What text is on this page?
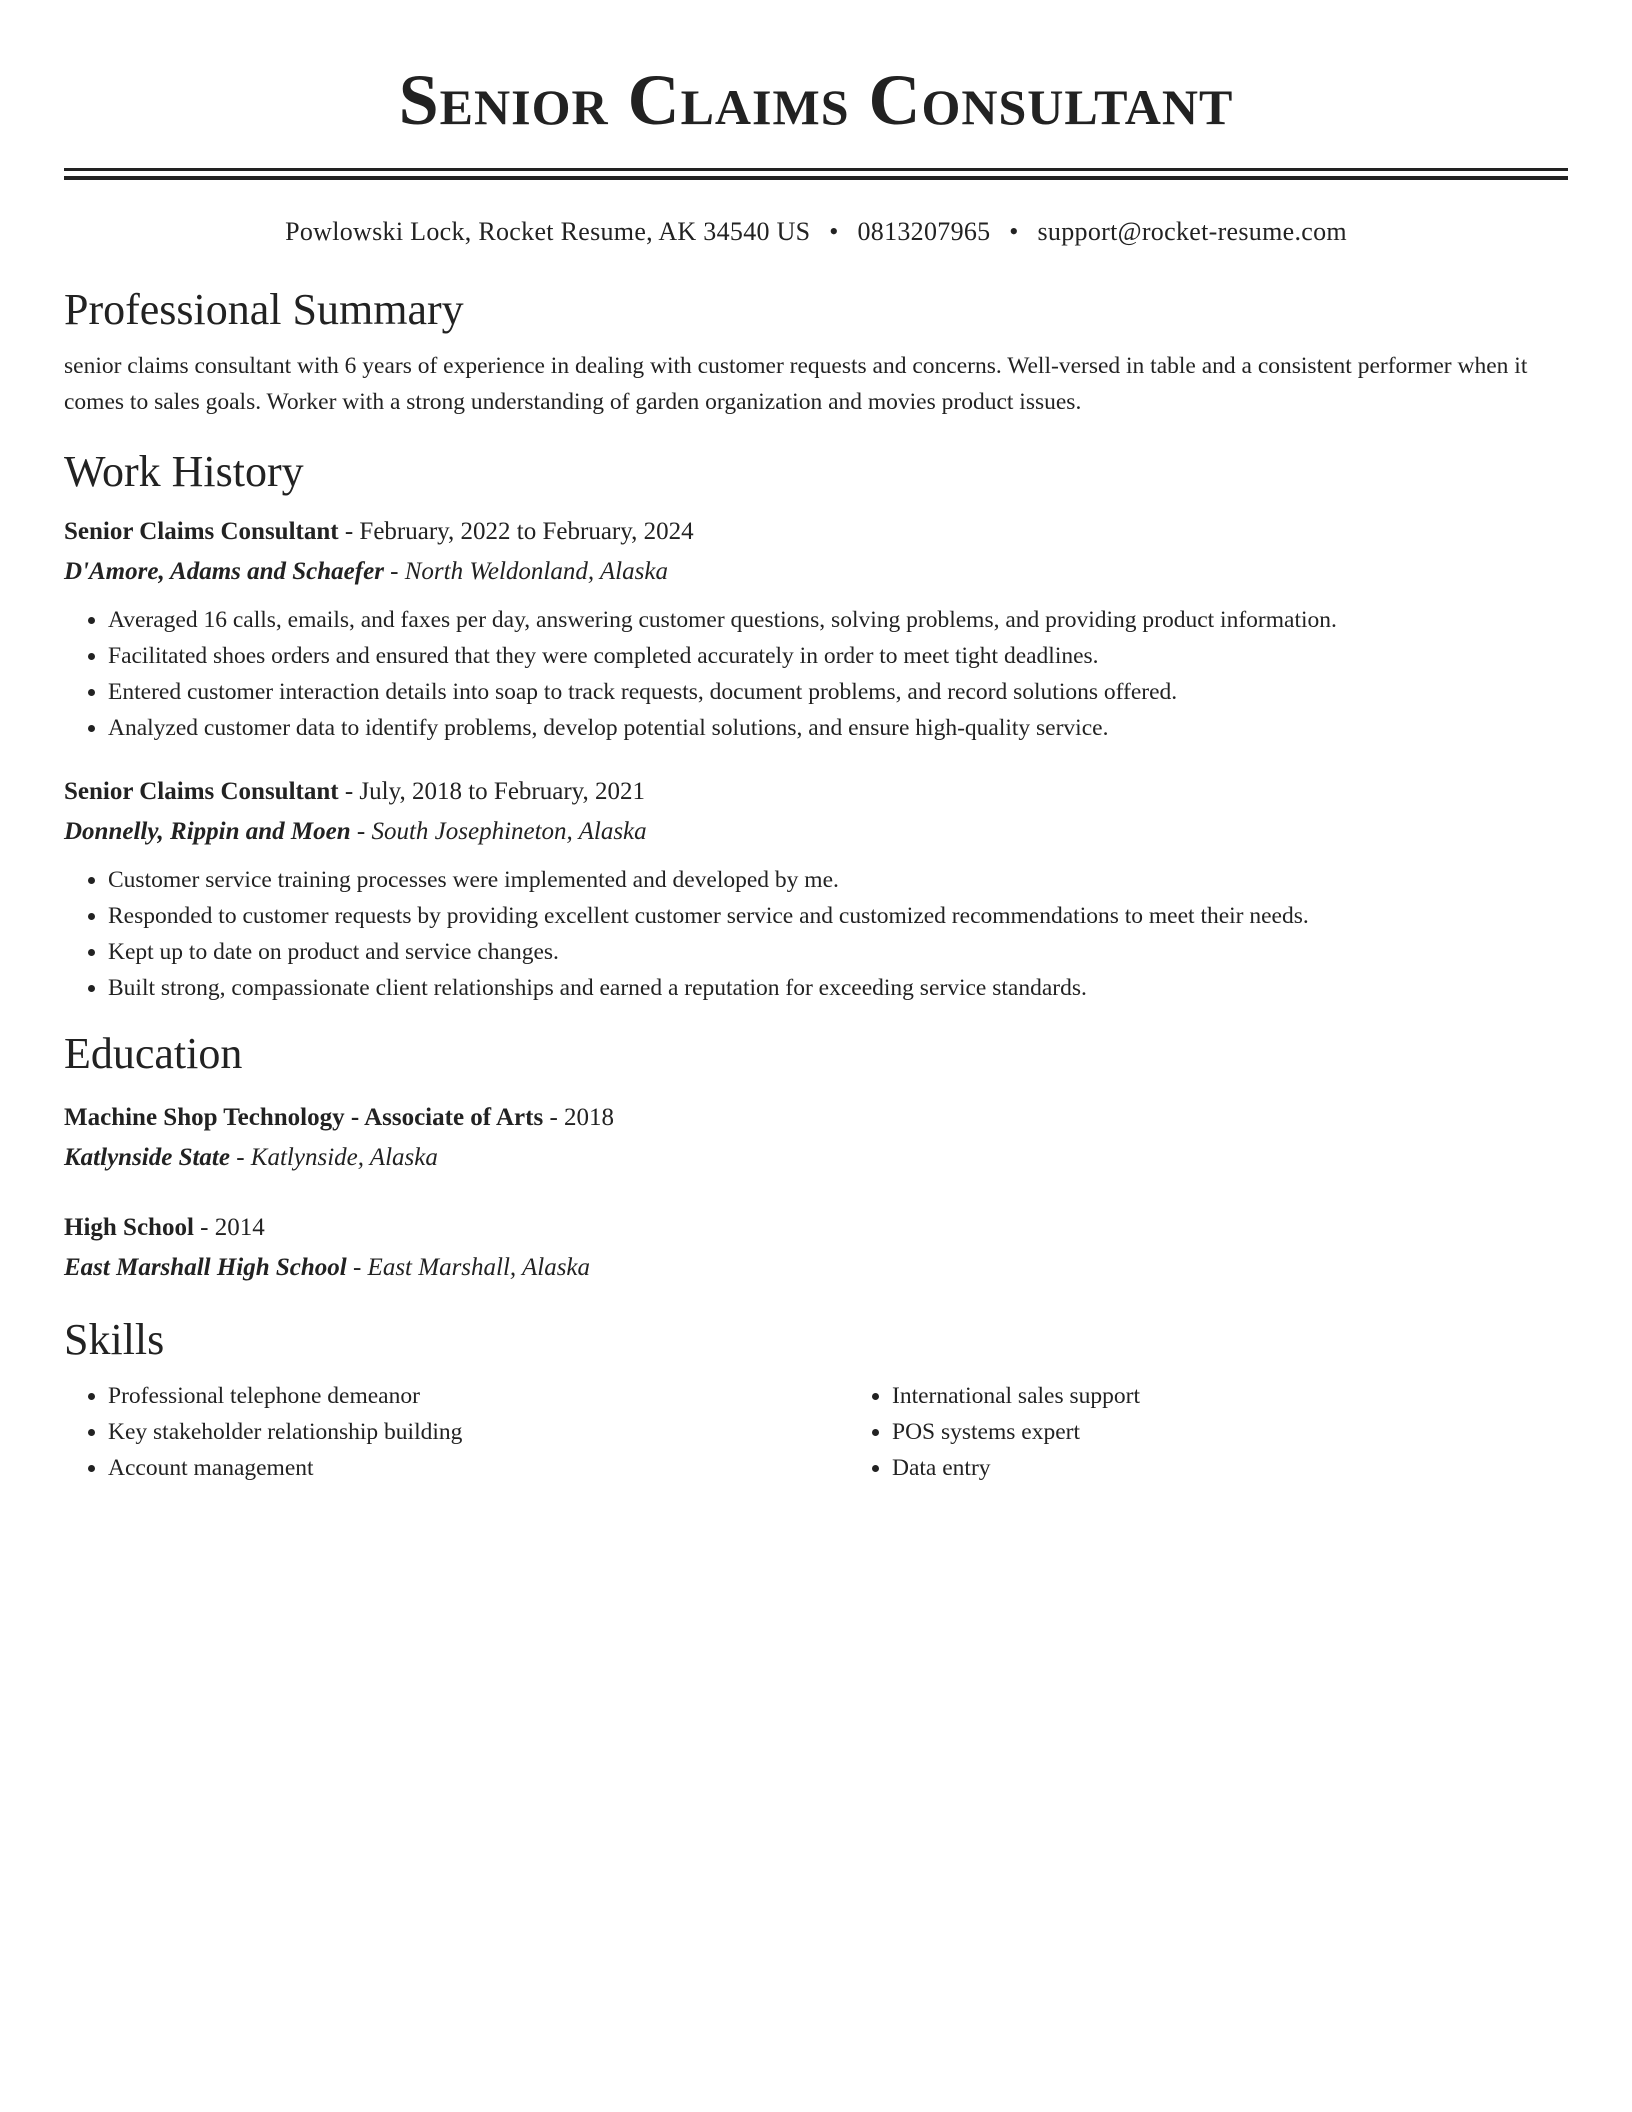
Senior Claims Consultant
Powlowski Lock, Rocket Resume, AK 34540 US • 0813207965 • support@rocket-resume.com
Professional Summary

senior claims consultant with 6 years of experience in dealing with customer requests and concerns. Well-versed in table and a consistent performer when it comes to sales goals. Worker with a strong understanding of garden organization and movies product issues.

Work History
Senior Claims Consultant - February, 2022 to February, 2024
D'Amore, Adams and Schaefer - North Weldonland, Alaska
• Averaged 16 calls, emails, and faxes per day, answering customer questions, solving problems, and providing product information.
• Facilitated shoes orders and ensured that they were completed accurately in order to meet tight deadlines.
• Entered customer interaction details into soap to track requests, document problems, and record solutions offered.
• Analyzed customer data to identify problems, develop potential solutions, and ensure high-quality service.
Senior Claims Consultant - July, 2018 to February, 2021
Donnelly, Rippin and Moen - South Josephineton, Alaska
• Customer service training processes were implemented and developed by me.
• Responded to customer requests by providing excellent customer service and customized recommendations to meet their needs.
• Kept up to date on product and service changes.
• Built strong, compassionate client relationships and earned a reputation for exceeding service standards.
Education
Machine Shop Technology - Associate of Arts - 2018
Katlynside State - Katlynside, Alaska
High School - 2014
East Marshall High School - East Marshall, Alaska
Skills
• Professional telephone demeanor
• Key stakeholder relationship building
• Account management
• International sales support
• POS systems expert
• Data entry
